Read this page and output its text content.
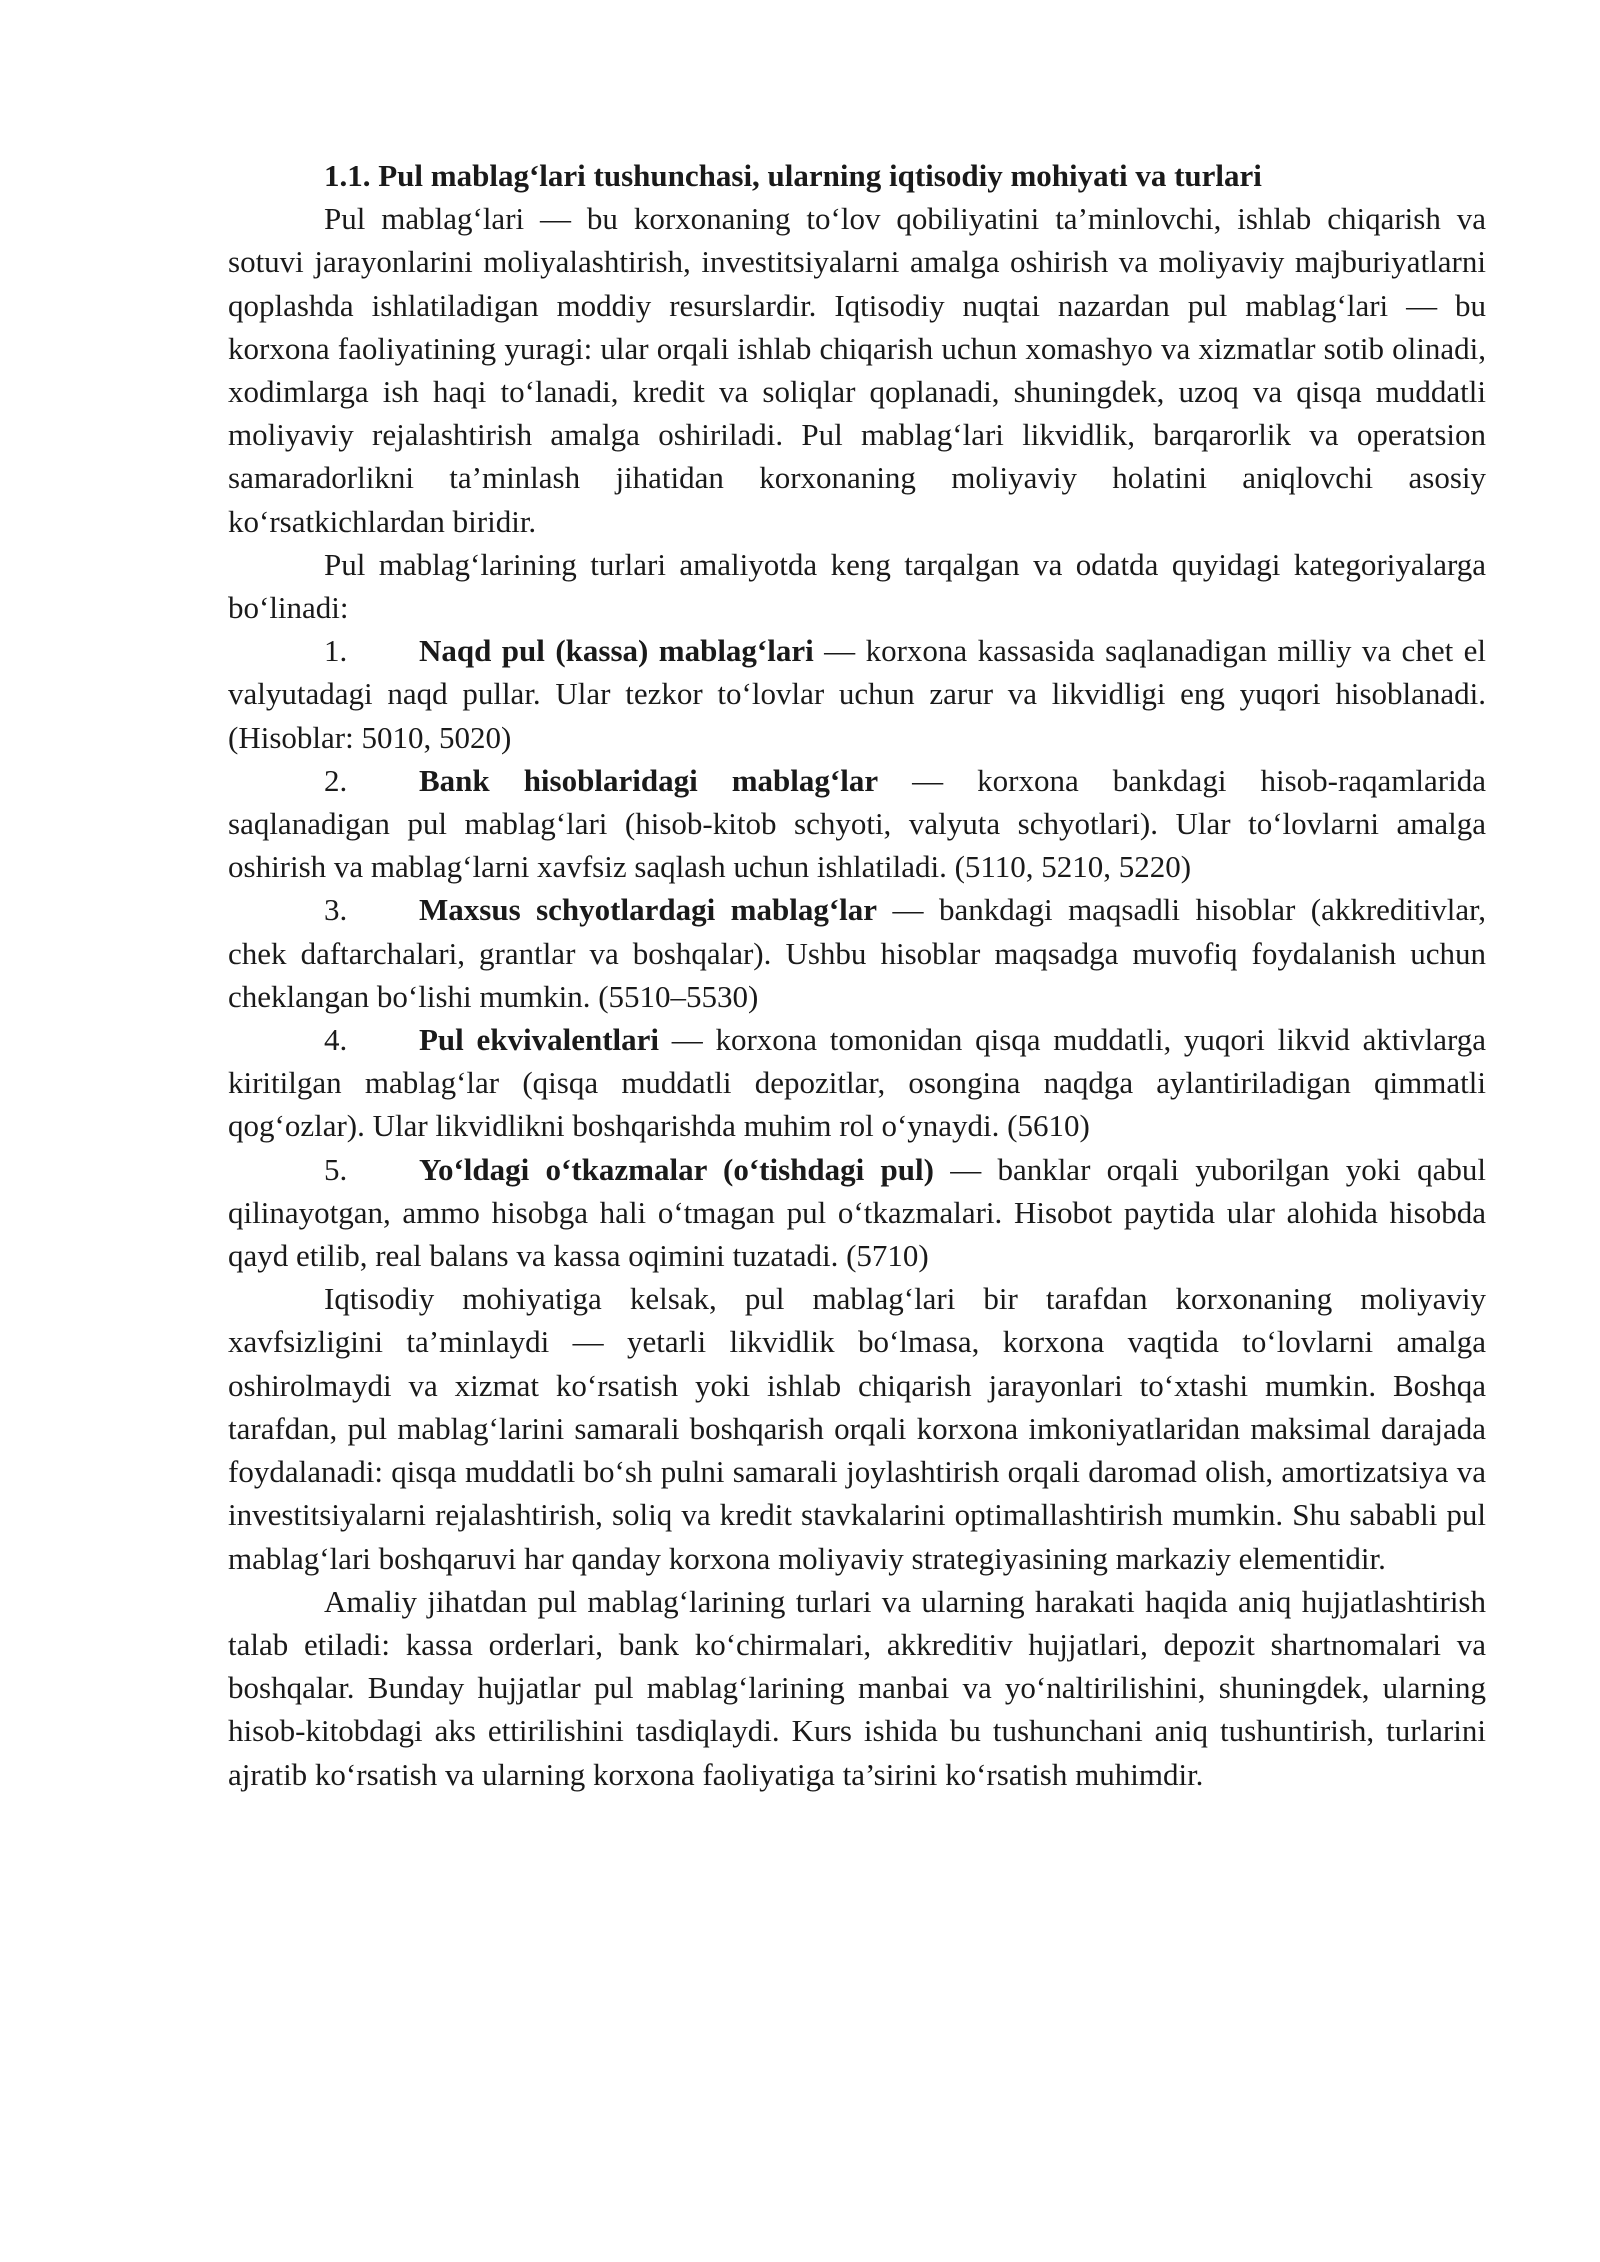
1.1. Pul mablag‘lari tushunchasi, ularning iqtisodiy mohiyati va turlari

Pul mablag‘lari — bu korxonaning to‘lov qobiliyatini ta’minlovchi, ishlab chiqarish va sotuvi jarayonlarini moliyalashtirish, investitsiyalarni amalga oshirish va moliyaviy majburiyatlarni qoplashda ishlatiladigan moddiy resurslardir. Iqtisodiy nuqtai nazardan pul mablag‘lari — bu korxona faoliyatining yuragi: ular orqali ishlab chiqarish uchun xomashyo va xizmatlar sotib olinadi, xodimlarga ish haqi to‘lanadi, kredit va soliqlar qoplanadi, shuningdek, uzoq va qisqa muddatli moliyaviy rejalashtirish amalga oshiriladi. Pul mablag‘lari likvidlik, barqarorlik va operatsion samaradorlikni ta’minlash jihatidan korxonaning moliyaviy holatini aniqlovchi asosiy ko‘rsatkichlardan biridir.

Pul mablag‘larining turlari amaliyotda keng tarqalgan va odatda quyidagi kategoriyalarga bo‘linadi:

1. Naqd pul (kassa) mablag‘lari — korxona kassasida saqlanadigan milliy va chet el valyutadagi naqd pullar. Ular tezkor to‘lovlar uchun zarur va likvidligi eng yuqori hisoblanadi. (Hisoblar: 5010, 5020)

2. Bank hisoblaridagi mablag‘lar — korxona bankdagi hisob-raqamlarida saqlanadigan pul mablag‘lari (hisob-kitob schyoti, valyuta schyotlari). Ular to‘lovlarni amalga oshirish va mablag‘larni xavfsiz saqlash uchun ishlatiladi. (5110, 5210, 5220)

3. Maxsus schyotlardagi mablag‘lar — bankdagi maqsadli hisoblar (akkreditivlar, chek daftarchalari, grantlar va boshqalar). Ushbu hisoblar maqsadga muvofiq foydalanish uchun cheklangan bo‘lishi mumkin. (5510–5530)

4. Pul ekvivalentlari — korxona tomonidan qisqa muddatli, yuqori likvid aktivlarga kiritilgan mablag‘lar (qisqa muddatli depozitlar, osongina naqdga aylantiriladigan qimmatli qog‘ozlar). Ular likvidlikni boshqarishda muhim rol o‘ynaydi. (5610)

5. Yo‘ldagi o‘tkazmalar (o‘tishdagi pul) — banklar orqali yuborilgan yoki qabul qilinayotgan, ammo hisobga hali o‘tmagan pul o‘tkazmalari. Hisobot paytida ular alohida hisobda qayd etilib, real balans va kassa oqimini tuzatadi. (5710)

Iqtisodiy mohiyatiga kelsak, pul mablag‘lari bir tarafdan korxonaning moliyaviy xavfsizligini ta’minlaydi — yetarli likvidlik bo‘lmasa, korxona vaqtida to‘lovlarni amalga oshirolmaydi va xizmat ko‘rsatish yoki ishlab chiqarish jarayonlari to‘xtashi mumkin. Boshqa tarafdan, pul mablag‘larini samarali boshqarish orqali korxona imkoniyatlaridan maksimal darajada foydalanadi: qisqa muddatli bo‘sh pulni samarali joylashtirish orqali daromad olish, amortizatsiya va investitsiyalarni rejalashtirish, soliq va kredit stavkalarini optimallashtirish mumkin. Shu sababli pul mablag‘lari boshqaruvi har qanday korxona moliyaviy strategiyasining markaziy elementidir.

Amaliy jihatdan pul mablag‘larining turlari va ularning harakati haqida aniq hujjatlashtirish talab etiladi: kassa orderlari, bank ko‘chirmalari, akkreditiv hujjatlari, depozit shartnomalari va boshqalar. Bunday hujjatlar pul mablag‘larining manbai va yo‘naltirilishini, shuningdek, ularning hisob-kitobdagi aks ettirilishini tasdiqlaydi. Kurs ishida bu tushunchani aniq tushuntirish, turlarini ajratib ko‘rsatish va ularning korxona faoliyatiga ta’sirini ko‘rsatish muhimdir.
